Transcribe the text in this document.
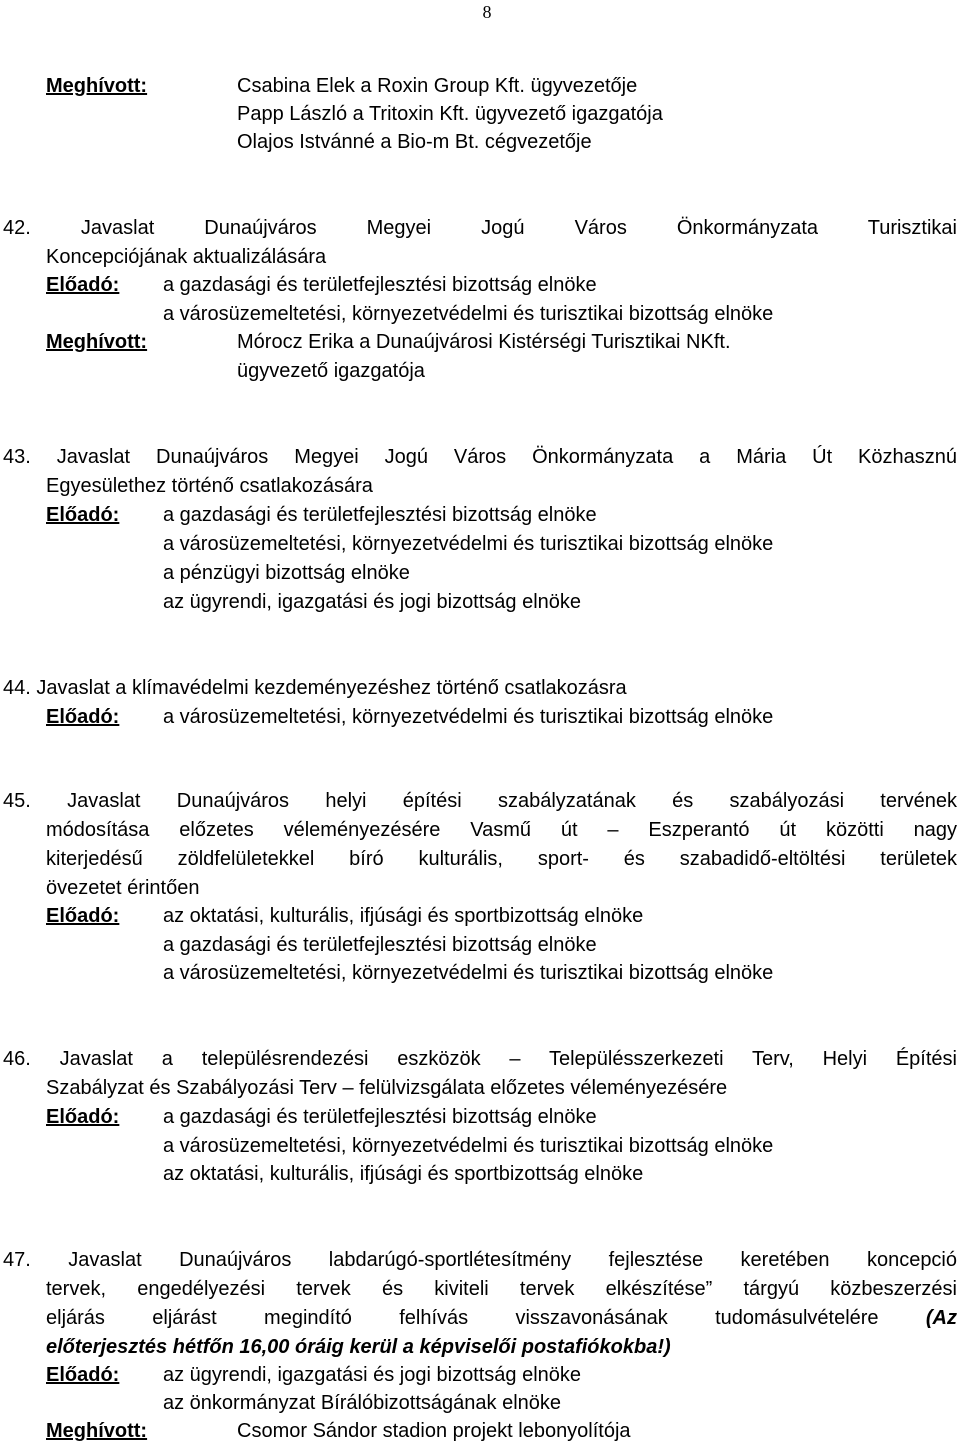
8
Meghívott:	Csabina Elek a Roxin Group Kft. ügyvezetője
Papp László a Tritoxin Kft. ügyvezető igazgatója
Olajos Istvánné a Bio-m Bt. cégvezetője
42.	Javaslat Dunaújváros Megyei Jogú Város Önkormányzata Turisztikai
Koncepciójának aktualizálására
Előadó: a gazdasági és területfejlesztési bizottság elnöke
a városüzemeltetési, környezetvédelmi és turisztikai bizottság elnöke
Meghívott:	Mórocz Erika a Dunaújvárosi Kistérségi Turisztikai NKft.
ügyvezető igazgatója
43. Javaslat Dunaújváros Megyei Jogú Város Önkormányzata a Mária Út Közhasznú
Egyesülethez történő csatlakozására
Előadó: a gazdasági és területfejlesztési bizottság elnöke
a városüzemeltetési, környezetvédelmi és turisztikai bizottság elnöke
a pénzügyi bizottság elnöke
az ügyrendi, igazgatási és jogi bizottság elnöke
44. Javaslat a klímavédelmi kezdeményezéshez történő csatlakozásra
Előadó: a városüzemeltetési, környezetvédelmi és turisztikai bizottság elnöke
45. Javaslat Dunaújváros helyi építési szabályzatának és szabályozási tervének
módosítása előzetes véleményezésére Vasmű út – Eszperantó út közötti nagy
kiterjedésű zöldfelületekkel bíró kulturális, sport- és szabadidő-eltöltési területek
övezetet érintően
Előadó: az oktatási, kulturális, ifjúsági és sportbizottság elnöke
a gazdasági és területfejlesztési bizottság elnöke
a városüzemeltetési, környezetvédelmi és turisztikai bizottság elnöke
46. Javaslat a településrendezési eszközök – Településszerkezeti Terv, Helyi Építési
Szabályzat és Szabályozási Terv – felülvizsgálata előzetes véleményezésére
Előadó: a gazdasági és területfejlesztési bizottság elnöke
a városüzemeltetési, környezetvédelmi és turisztikai bizottság elnöke
az oktatási, kulturális, ifjúsági és sportbizottság elnöke
47. Javaslat Dunaújváros labdarúgó-sportlétesítmény fejlesztése keretében koncepció
tervek, engedélyezési tervek és kiviteli tervek elkészítése” tárgyú közbeszerzési
eljárás eljárást megindító felhívás visszavonásának tudomásulvételére (Az
előterjesztés hétfőn 16,00 óráig kerül a képviselői postafiókokba!)
Előadó: az ügyrendi, igazgatási és jogi bizottság elnöke
az önkormányzat Bírálóbizottságának elnöke
Meghívott:	Csomor Sándor stadion projekt lebonyolítója
